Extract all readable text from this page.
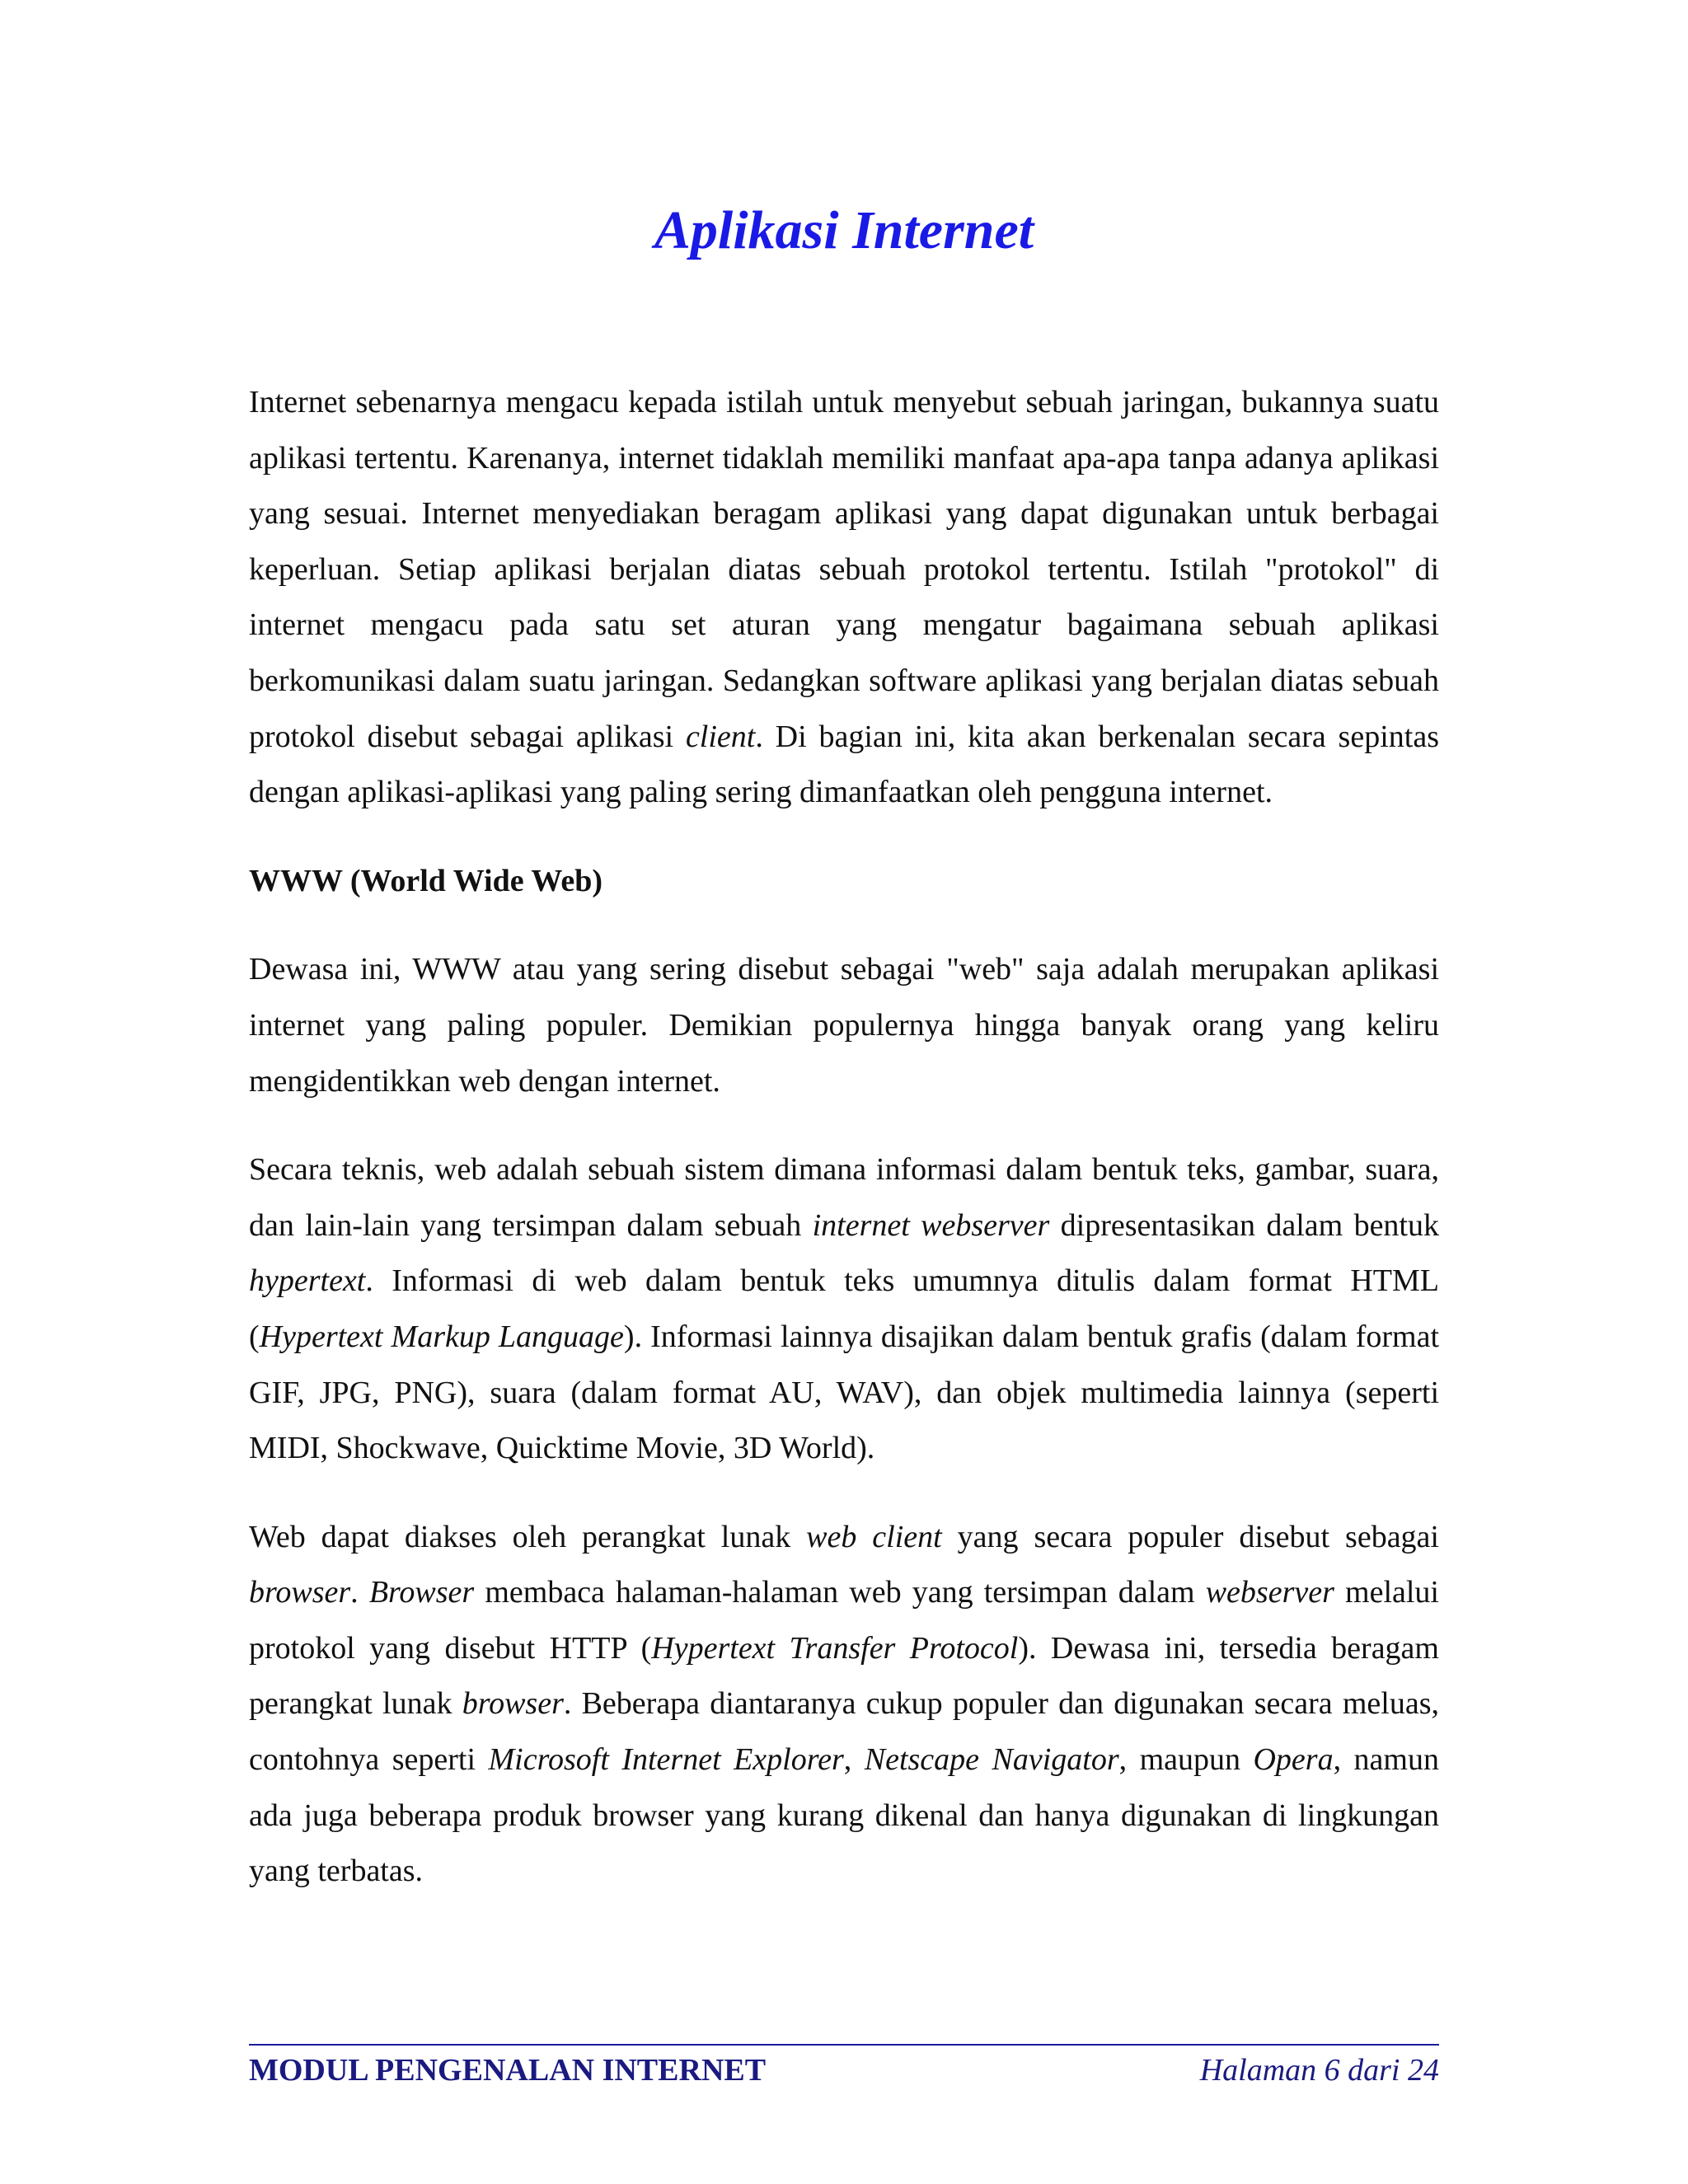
Aplikasi Internet

Internet sebenarnya mengacu kepada istilah untuk menyebut sebuah jaringan, bukannya suatu aplikasi tertentu. Karenanya, internet tidaklah memiliki manfaat apa-apa tanpa adanya aplikasi yang sesuai. Internet menyediakan beragam aplikasi yang dapat digunakan untuk berbagai keperluan. Setiap aplikasi berjalan diatas sebuah protokol tertentu. Istilah "protokol" di internet mengacu pada satu set aturan yang mengatur bagaimana sebuah aplikasi berkomunikasi dalam suatu jaringan. Sedangkan software aplikasi yang berjalan diatas sebuah protokol disebut sebagai aplikasi client. Di bagian ini, kita akan berkenalan secara sepintas dengan aplikasi-aplikasi yang paling sering dimanfaatkan oleh pengguna internet.

WWW (World Wide Web)

Dewasa ini, WWW atau yang sering disebut sebagai "web" saja adalah merupakan aplikasi internet yang paling populer. Demikian populernya hingga banyak orang yang keliru mengidentikkan web dengan internet.

Secara teknis, web adalah sebuah sistem dimana informasi dalam bentuk teks, gambar, suara, dan lain-lain yang tersimpan dalam sebuah internet webserver dipresentasikan dalam bentuk hypertext. Informasi di web dalam bentuk teks umumnya ditulis dalam format HTML (Hypertext Markup Language). Informasi lainnya disajikan dalam bentuk grafis (dalam format GIF, JPG, PNG), suara (dalam format AU, WAV), dan objek multimedia lainnya (seperti MIDI, Shockwave, Quicktime Movie, 3D World).

Web dapat diakses oleh perangkat lunak web client yang secara populer disebut sebagai browser. Browser membaca halaman-halaman web yang tersimpan dalam webserver melalui protokol yang disebut HTTP (Hypertext Transfer Protocol). Dewasa ini, tersedia beragam perangkat lunak browser. Beberapa diantaranya cukup populer dan digunakan secara meluas, contohnya seperti Microsoft Internet Explorer, Netscape Navigator, maupun Opera, namun ada juga beberapa produk browser yang kurang dikenal dan hanya digunakan di lingkungan yang terbatas.

MODUL PENGENALAN INTERNET	Halaman 6 dari 24
